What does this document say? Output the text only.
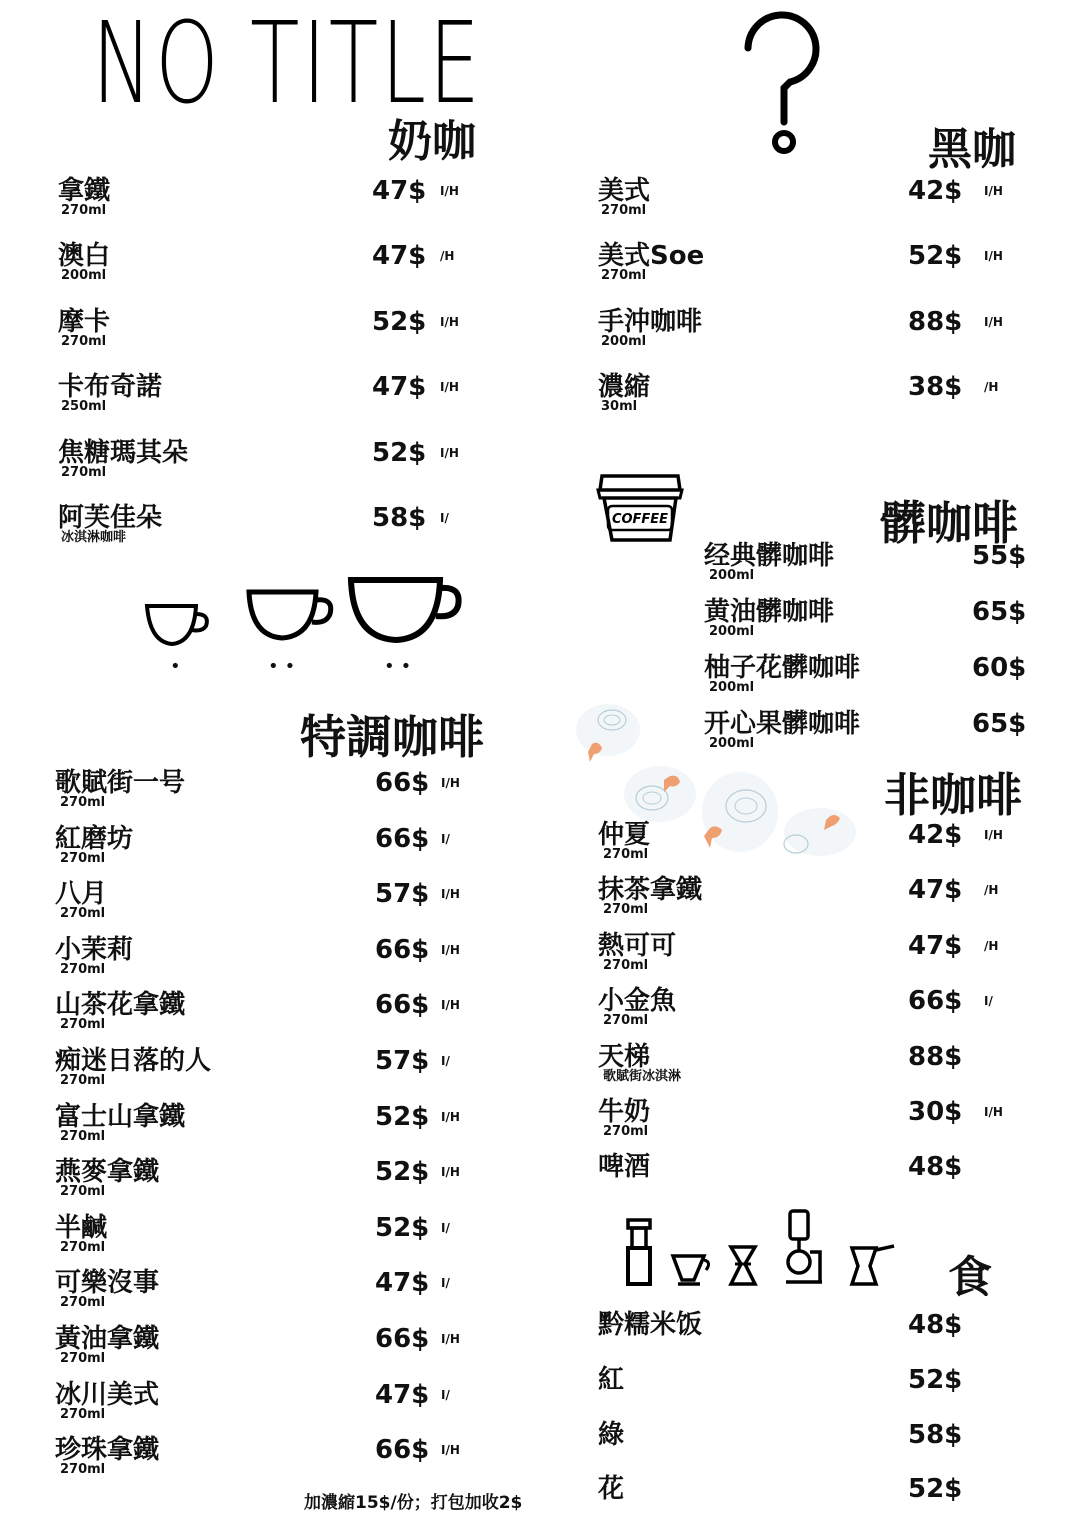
NO TITLE
奶咖	黑咖
髒咖啡
特調咖啡
非咖啡
食
拿鐵
270ml
47$ I/H
澳白
200ml
47$ /H
摩卡
270ml
52$ I/H
卡布奇諾
250ml
47$ I/H
焦糖瑪其朵
270ml
52$ I/H
阿芙佳朵
冰淇淋咖啡
58$ I/
美式
270ml
42$ I/H
美式Soe
270ml
52$ I/H
手沖咖啡
200ml
88$ I/H
濃縮
30ml
38$ /H
经典髒咖啡
200ml
55$
黄油髒咖啡
200ml
65$
柚子花髒咖啡
200ml
60$
开心果髒咖啡
200ml
65$
歌賦街一号
270ml
66$ I/H
紅磨坊
270ml
66$ I/
八月
270ml
57$ I/H
小茉莉
270ml
66$ I/H
山茶花拿鐵
270ml
66$ I/H
痴迷日落的人
270ml
57$ I/
富士山拿鐵
270ml
52$ I/H
燕麥拿鐵
270ml
52$ I/H
半鹹
270ml
52$ I/
可樂沒事
270ml
47$ I/
黃油拿鐵
270ml
66$ I/H
冰川美式
270ml
47$ I/
珍珠拿鐵
270ml
66$ I/H
仲夏
270ml
42$ I/H
抹茶拿鐵
270ml
47$ /H
熱可可
270ml
47$ /H
小金魚
270ml
66$ I/
天梯
歌賦街冰淇淋
88$
牛奶
270ml
30$ I/H
啤酒	48$
黔糯米饭	48$
紅	52$
綠	58$
花	52$
•	••	••
COFFEE
加濃縮15$/份；打包加收2$
